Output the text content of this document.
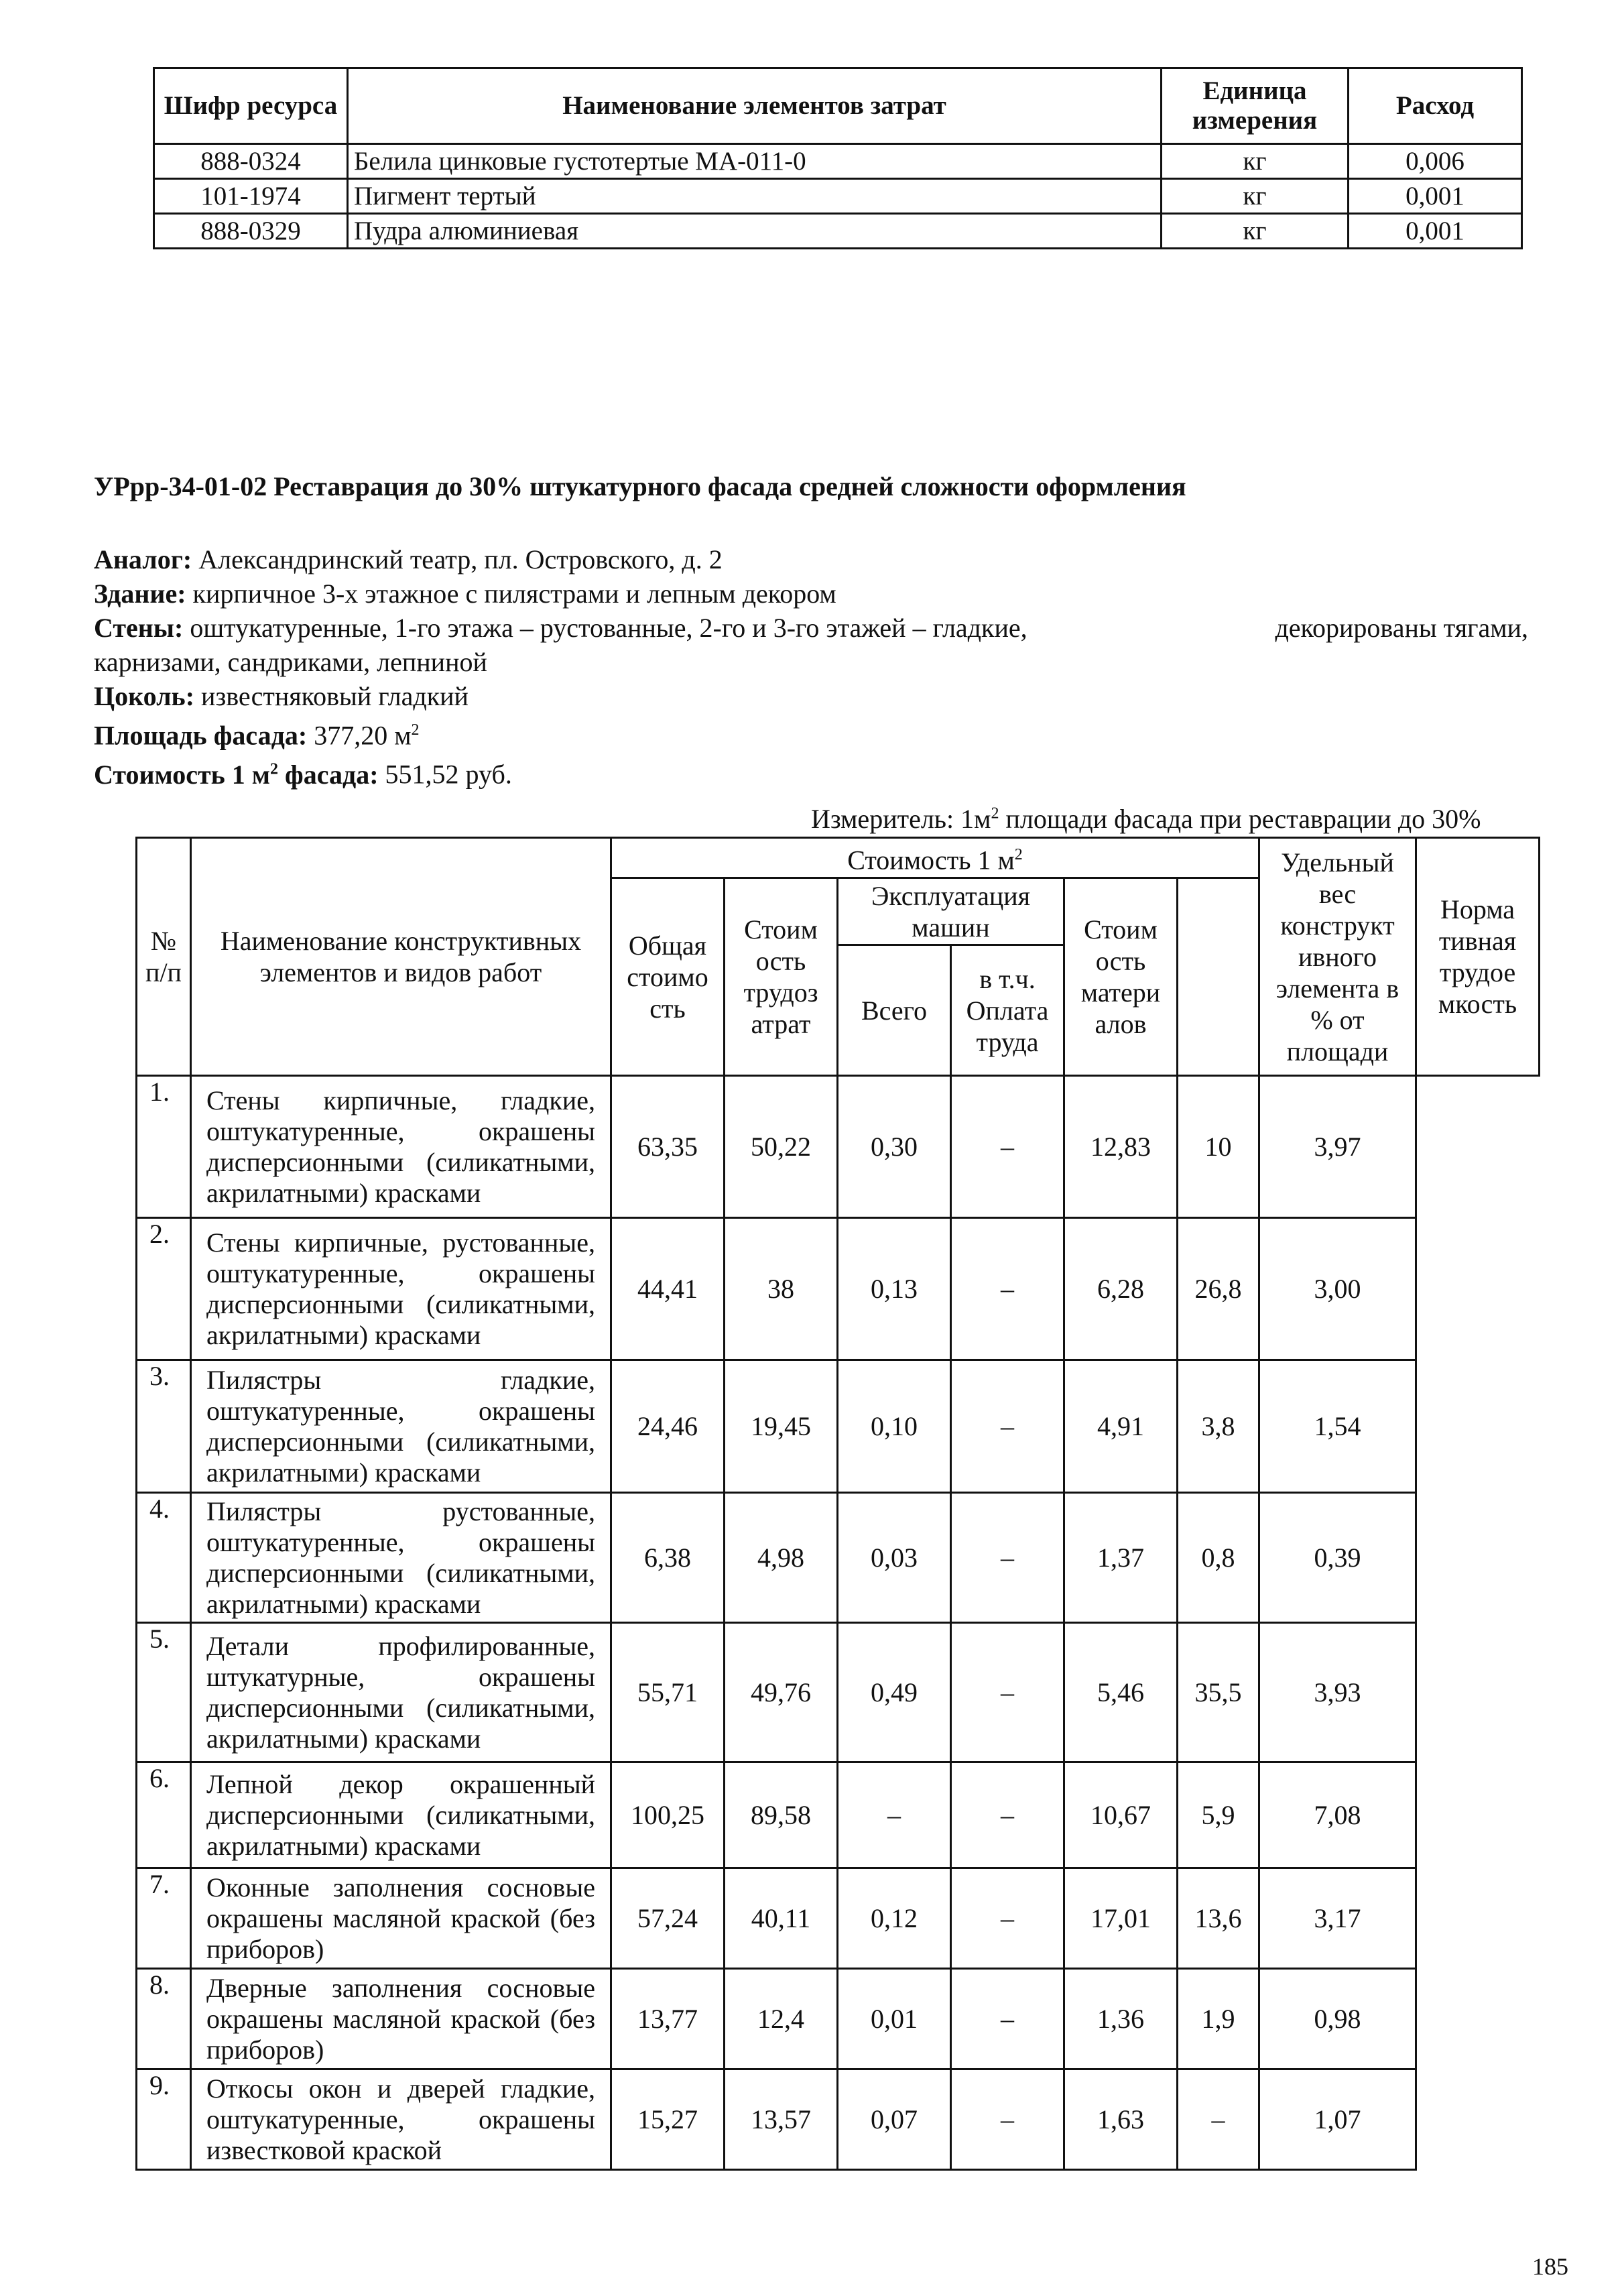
Шифр ресурса	Наименование элементов затрат	Единица измерения	Расход
888-0324	Белила цинковые густотертые МА-011-0	кг	0,006
101-1974	Пигмент тертый	кг	0,001
888-0329	Пудра алюминиевая	кг	0,001

УРрр-34-01-02 Реставрация до 30% штукатурного фасада средней сложности оформления

Аналог: Александринский театр, пл. Островского, д. 2

Здание: кирпичное 3-х этажное с пилястрами и лепным декором

Стены: оштукатуренные, 1-го этажа – рустованные, 2-го и 3-го этажей – гладкие,	декорированы тягами,

карнизами, сандриками, лепниной

Цоколь: известняковый гладкий

Площадь фасада: 377,20 $м^2$

Стоимость 1 $м^2$ фасада: 551,52 руб.

Измеритель: $1м^2$ площади фасада при реставрации до 30%
№ п/п	Наименование конструктивных элементов и видов работ	Стоимость 1 $м^2$						Удельный вес конструкт ивного элемента в % от площади	Норма тивная трудое мкость
		Общая стоимо сть	Стоим ость трудоз атрат	Эксплуатация машин		Стоим ость матери алов			
				Всего	в т.ч. Оплата труда				
1.	Стены кирпичные, гладкие, оштукатуренные, окрашены дисперсионными (силикатными, акрилатными) красками	63,35	50,22	0,30	–	12,83	10	3,97	
2.	Стены кирпичные, рустованные, оштукатуренные, окрашены дисперсионными (силикатными, акрилатными) красками	44,41	38	0,13	–	6,28	26,8	3,00	
3.	Пилястры гладкие, оштукатуренные, окрашены дисперсионными (силикатными, акрилатными) красками	24,46	19,45	0,10	–	4,91	3,8	1,54	
4.	Пилястры рустованные, оштукатуренные, окрашены дисперсионными (силикатными, акрилатными) красками	6,38	4,98	0,03	–	1,37	0,8	0,39	
5.	Детали профилированные, штукатурные, окрашены дисперсионными (силикатными, акрилатными) красками	55,71	49,76	0,49	–	5,46	35,5	3,93	
6.	Лепной декор окрашенный дисперсионными (силикатными, акрилатными) красками	100,25	89,58	–	–	10,67	5,9	7,08	
7.	Оконные заполнения сосновые окрашены масляной краской (без приборов)	57,24	40,11	0,12	–	17,01	13,6	3,17	
8.	Дверные заполнения сосновые окрашены масляной краской (без приборов)	13,77	12,4	0,01	–	1,36	1,9	0,98	
9.	Откосы окон и дверей гладкие, оштукатуренные, окрашены известковой краской	15,27	13,57	0,07	–	1,63	–	1,07	
185
